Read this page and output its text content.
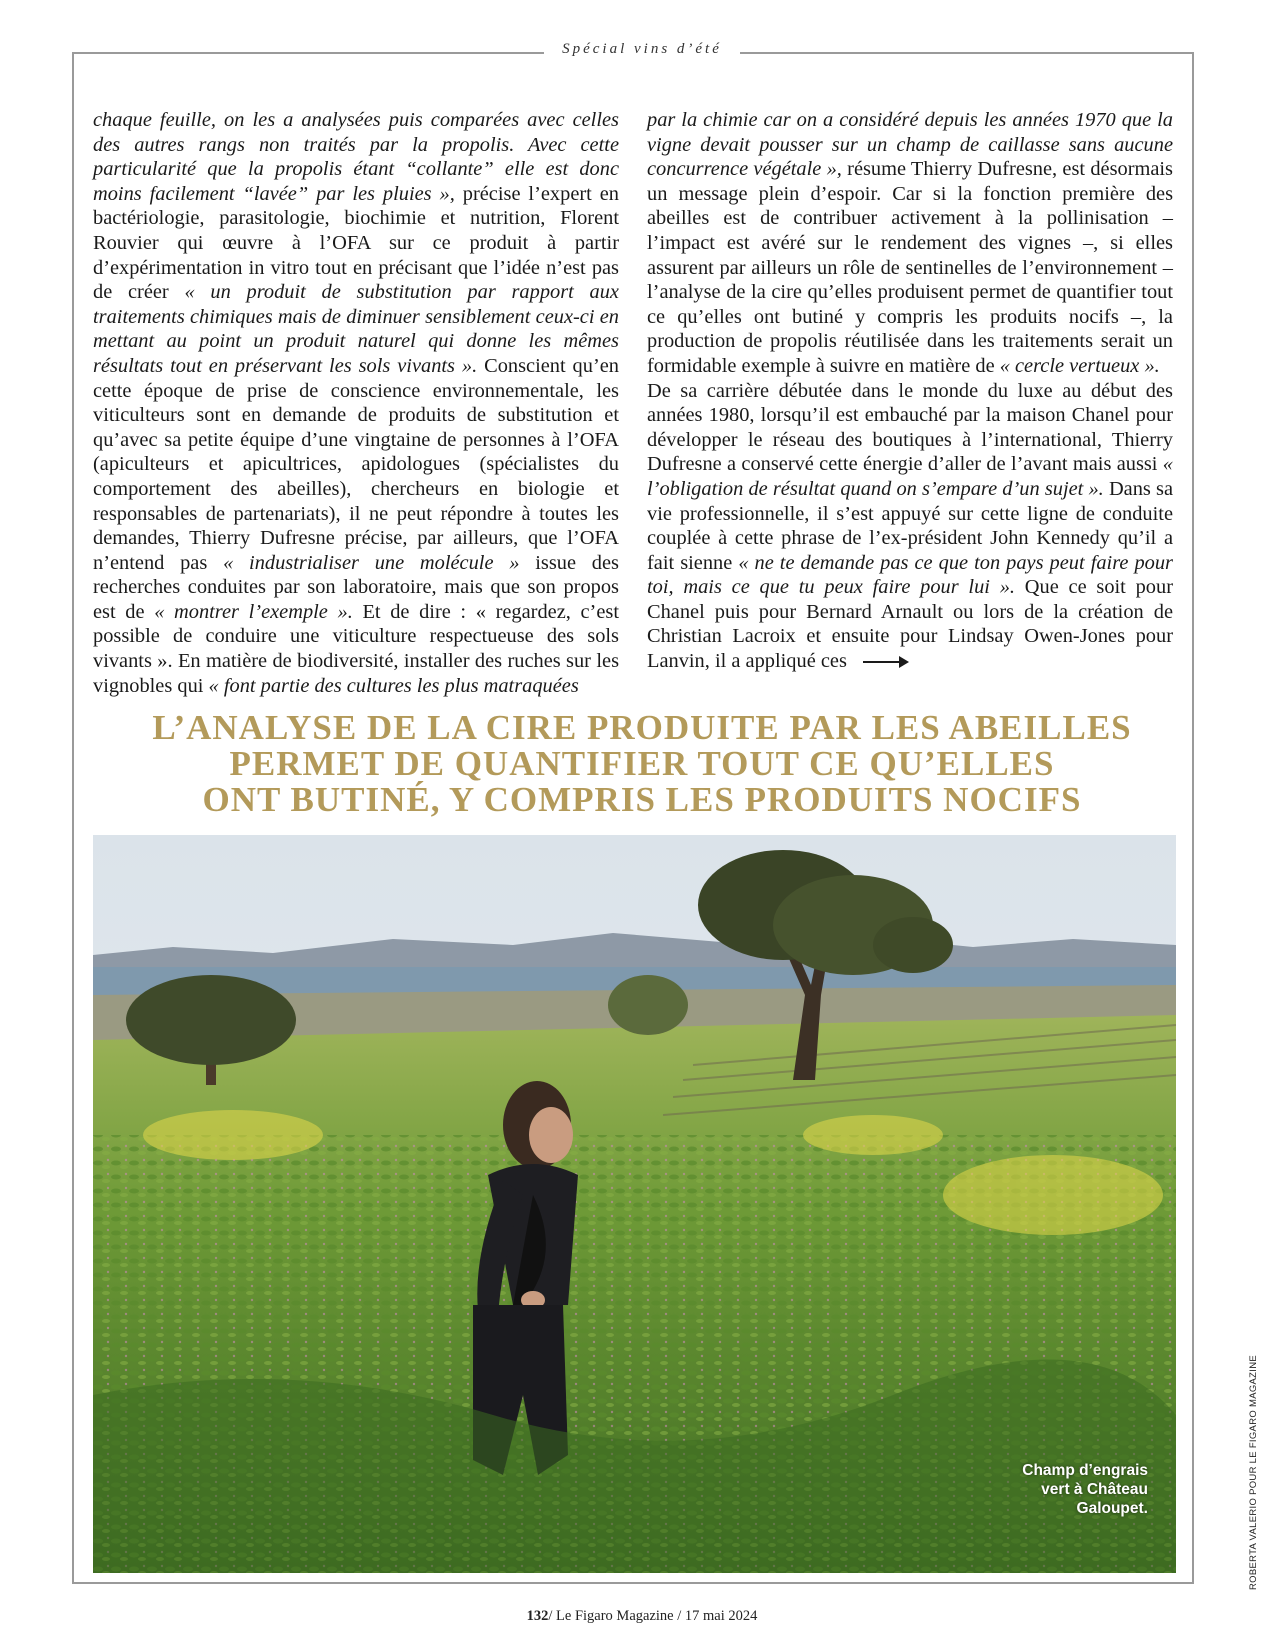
Spécial vins d’été

chaque feuille, on les a analysées puis comparées avec celles des autres rangs non traités par la propolis. Avec cette particularité que la propolis étant “collante” elle est donc moins facilement “lavée” par les pluies », précise l’expert en bactériologie, parasitologie, biochimie et nutrition, Florent Rouvier qui œuvre à l’OFA sur ce produit à partir d’expérimentation in vitro tout en précisant que l’idée n’est pas de créer « un produit de substitution par rapport aux traitements chimiques mais de diminuer sensiblement ceux-ci en mettant au point un produit naturel qui donne les mêmes résultats tout en préservant les sols vivants ». Conscient qu’en cette époque de prise de conscience environnementale, les viticulteurs sont en demande de produits de substitution et qu’avec sa petite équipe d’une vingtaine de personnes à l’OFA (apiculteurs et apicultrices, apidologues (spécialistes du comportement des abeilles), chercheurs en biologie et responsables de partenariats), il ne peut répondre à toutes les demandes, Thierry Dufresne précise, par ailleurs, que l’OFA n’entend pas « industrialiser une molécule » issue des recherches conduites par son laboratoire, mais que son propos est de « montrer l’exemple ». Et de dire : « regardez, c’est possible de conduire une viticulture respectueuse des sols vivants ». En matière de biodiversité, installer des ruches sur les vignobles qui « font partie des cultures les plus matraquées

par la chimie car on a considéré depuis les années 1970 que la vigne devait pousser sur un champ de caillasse sans aucune concurrence végétale », résume Thierry Dufresne, est désormais un message plein d’espoir. Car si la fonction première des abeilles est de contribuer activement à la pollinisation – l’impact est avéré sur le rendement des vignes –, si elles assurent par ailleurs un rôle de sentinelles de l’environnement – l’analyse de la cire qu’elles produisent permet de quantifier tout ce qu’elles ont butiné y compris les produits nocifs –, la production de propolis réutilisée dans les traitements serait un formidable exemple à suivre en matière de « cercle vertueux ».

De sa carrière débutée dans le monde du luxe au début des années 1980, lorsqu’il est embauché par la maison Chanel pour développer le réseau des boutiques à l’international, Thierry Dufresne a conservé cette énergie d’aller de l’avant mais aussi « l’obligation de résultat quand on s’empare d’un sujet ». Dans sa vie professionnelle, il s’est appuyé sur cette ligne de conduite couplée à cette phrase de l’ex-président John Kennedy qu’il a fait sienne « ne te demande pas ce que ton pays peut faire pour toi, mais ce que tu peux faire pour lui ». Que ce soit pour Chanel puis pour Bernard Arnault ou lors de la création de Christian Lacroix et ensuite pour Lindsay Owen-Jones pour Lanvin, il a appliqué ces

L’ANALYSE DE LA CIRE PRODUITE PAR LES ABEILLES
PERMET DE QUANTIFIER TOUT CE QU’ELLES
ONT BUTINÉ, Y COMPRIS LES PRODUITS NOCIFS
Champ d’engrais
vert à Château
Galoupet.	ROBERTA VALERIO POUR LE FIGARO MAGAZINE
132/ Le Figaro Magazine / 17 mai 2024
